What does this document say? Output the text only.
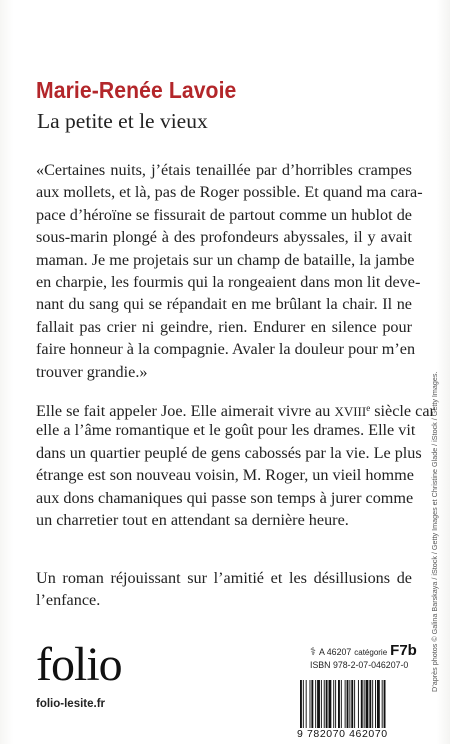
Marie-Renée Lavoie
La petite et le vieux
«Certaines nuits, j’étais tenaillée par d’horribles crampes
aux mollets, et là, pas de Roger possible. Et quand ma cara-
pace d’héroïne se fissurait de partout comme un hublot de
sous-marin plongé à des profondeurs abyssales, il y avait
maman. Je me projetais sur un champ de bataille, la jambe
en charpie, les fourmis qui la rongeaient dans mon lit deve-
nant du sang qui se répandait en me brûlant la chair. Il ne
fallait pas crier ni geindre, rien. Endurer en silence pour
faire honneur à la compagnie. Avaler la douleur pour m’en
trouver grandie.»
Elle se fait appeler Joe. Elle aimerait vivre au XVIIIe siècle car
elle a l’âme romantique et le goût pour les drames. Elle vit
dans un quartier peuplé de gens cabossés par la vie. Le plus
étrange est son nouveau voisin, M. Roger, un vieil homme
aux dons chamaniques qui passe son temps à jurer comme
un charretier tout en attendant sa dernière heure.
Un roman réjouissant sur l’amitié et les désillusions de
l’enfance.	D’après photos © Galina Barskaya / iStock / Getty Images et Christine Glade / iStock / Getty Images.
⚕ A 46207 catégorie F7b
ISBN 978-2-07-046207-0
folio
folio-lesite.fr
9 782070 462070
